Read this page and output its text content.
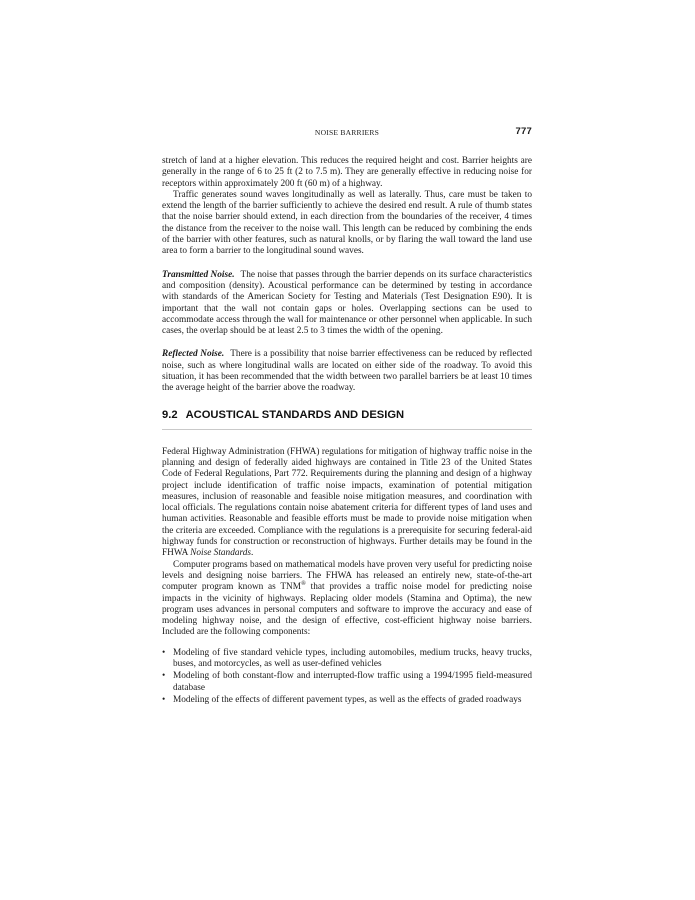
NOISE BARRIERS	777

stretch of land at a higher elevation. This reduces the required height and cost. Barrier heights are generally in the range of 6 to 25 ft (2 to 7.5 m). They are generally effective in reducing noise for receptors within approximately 200 ft (60 m) of a highway.

Traffic generates sound waves longitudinally as well as laterally. Thus, care must be taken to extend the length of the barrier sufficiently to achieve the desired end result. A rule of thumb states that the noise barrier should extend, in each direction from the boundaries of the receiver, 4 times the distance from the receiver to the noise wall. This length can be reduced by combining the ends of the barrier with other features, such as natural knolls, or by flaring the wall toward the land use area to form a barrier to the longitudinal sound waves.

Transmitted Noise. The noise that passes through the barrier depends on its surface characteristics and composition (density). Acoustical performance can be determined by testing in accordance with standards of the American Society for Testing and Materials (Test Designation E90). It is important that the wall not contain gaps or holes. Overlapping sections can be used to accommodate access through the wall for maintenance or other personnel when applicable. In such cases, the overlap should be at least 2.5 to 3 times the width of the opening.

Reflected Noise. There is a possibility that noise barrier effectiveness can be reduced by reflected noise, such as where longitudinal walls are located on either side of the roadway. To avoid this situation, it has been recommended that the width between two parallel barriers be at least 10 times the average height of the barrier above the roadway.

9.2 ACOUSTICAL STANDARDS AND DESIGN

Federal Highway Administration (FHWA) regulations for mitigation of highway traffic noise in the planning and design of federally aided highways are contained in Title 23 of the United States Code of Federal Regulations, Part 772. Requirements during the planning and design of a highway project include identification of traffic noise impacts, examination of potential mitigation measures, inclusion of reasonable and feasible noise mitigation measures, and coordination with local officials. The regulations contain noise abatement criteria for different types of land uses and human activities. Reasonable and feasible efforts must be made to provide noise mitigation when the criteria are exceeded. Compliance with the regulations is a prerequisite for securing federal-aid highway funds for construction or reconstruction of highways. Further details may be found in the FHWA Noise Standards.

Computer programs based on mathematical models have proven very useful for predicting noise levels and designing noise barriers. The FHWA has released an entirely new, state-of-the-art computer program known as TNM® that provides a traffic noise model for predicting noise impacts in the vicinity of highways. Replacing older models (Stamina and Optima), the new program uses advances in personal computers and software to improve the accuracy and ease of modeling highway noise, and the design of effective, cost-efficient highway noise barriers. Included are the following components:

• Modeling of five standard vehicle types, including automobiles, medium trucks, heavy trucks, buses, and motorcycles, as well as user-defined vehicles
• Modeling of both constant-flow and interrupted-flow traffic using a 1994/1995 field-measured database
• Modeling of the effects of different pavement types, as well as the effects of graded roadways
